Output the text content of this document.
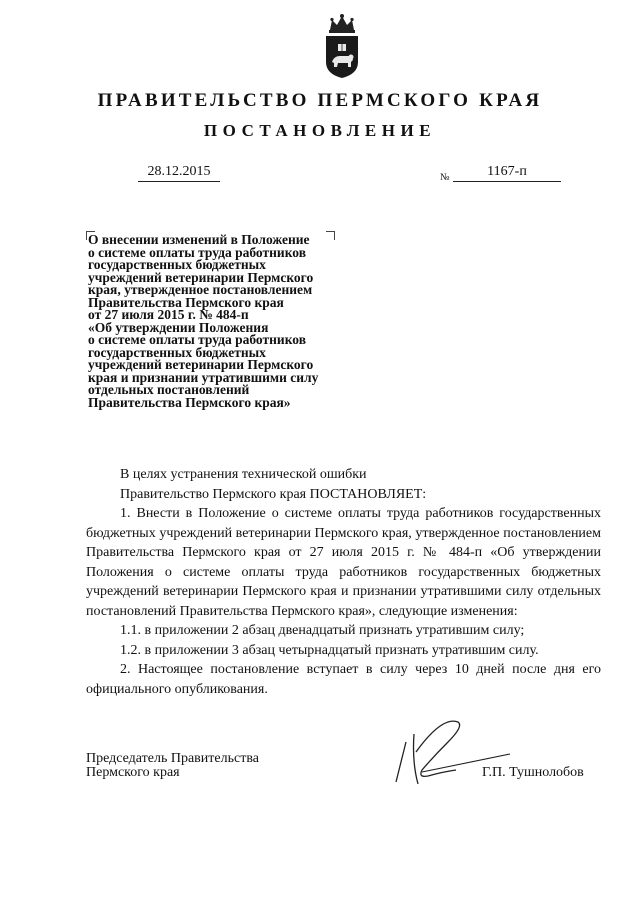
ПРАВИТЕЛЬСТВО ПЕРМСКОГО КРАЯ
ПОСТАНОВЛЕНИЕ
28.12.2015	№	1167-п
О внесении изменений в Положение
о системе оплаты труда работников
государственных бюджетных
учреждений ветеринарии Пермского
края, утвержденное постановлением
Правительства Пермского края
от 27 июля 2015 г. № 484-п
«Об утверждении Положения
о системе оплаты труда работников
государственных бюджетных
учреждений ветеринарии Пермского
края и признании утратившими силу
отдельных постановлений
Правительства Пермского края»

В целях устранения технической ошибки

Правительство Пермского края ПОСТАНОВЛЯЕТ:

1. Внести в Положение о системе оплаты труда работников государственных бюджетных учреждений ветеринарии Пермского края, утвержденное постановлением Правительства Пермского края от 27 июля 2015 г. № 484-п «Об утверждении Положения о системе оплаты труда работников государственных бюджетных учреждений ветеринарии Пермского края и признании утратившими силу отдельных постановлений Правительства Пермского края», следующие изменения:

1.1. в приложении 2 абзац двенадцатый признать утратившим силу;

1.2. в приложении 3 абзац четырнадцатый признать утратившим силу.

2. Настоящее постановление вступает в силу через 10 дней после дня его официального опубликования.

Председатель Правительства
Пермского края	Г.П. Тушнолобов
